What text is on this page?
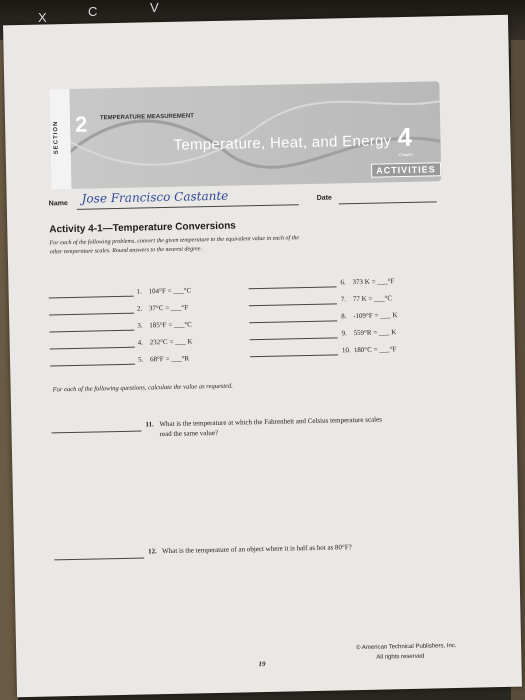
X	C	V
SECTION 2 TEMPERATURE MEASUREMENT
Temperature, Heat, and Energy 4
Chapter
ACTIVITIES
Name Jose Francisco Castante	Date
Activity 4-1—Temperature Conversions
For each of the following problems, convert the given temperature to the equivalent value in each of the
other temperature scales. Round answers to the nearest degree.
1. 104°F = ___°C
2. 37°C = ___°F
3. 185°F = ___°C
4. 232°C = ___ K
5. 68°F = ___°R
6. 373 K = ___°F
7. 77 K = ___°C
8. -109°F = ___ K
9. 559°R = ___ K
10. 180°C = ___°F
For each of the following questions, calculate the value as requested.
11. What is the temperature at which the Fahrenheit and Celsius temperature scales
read the same value?
12. What is the temperature of an object where it is half as hot as 80°F?
19
© American Technical Publishers, Inc.
All rights reserved
